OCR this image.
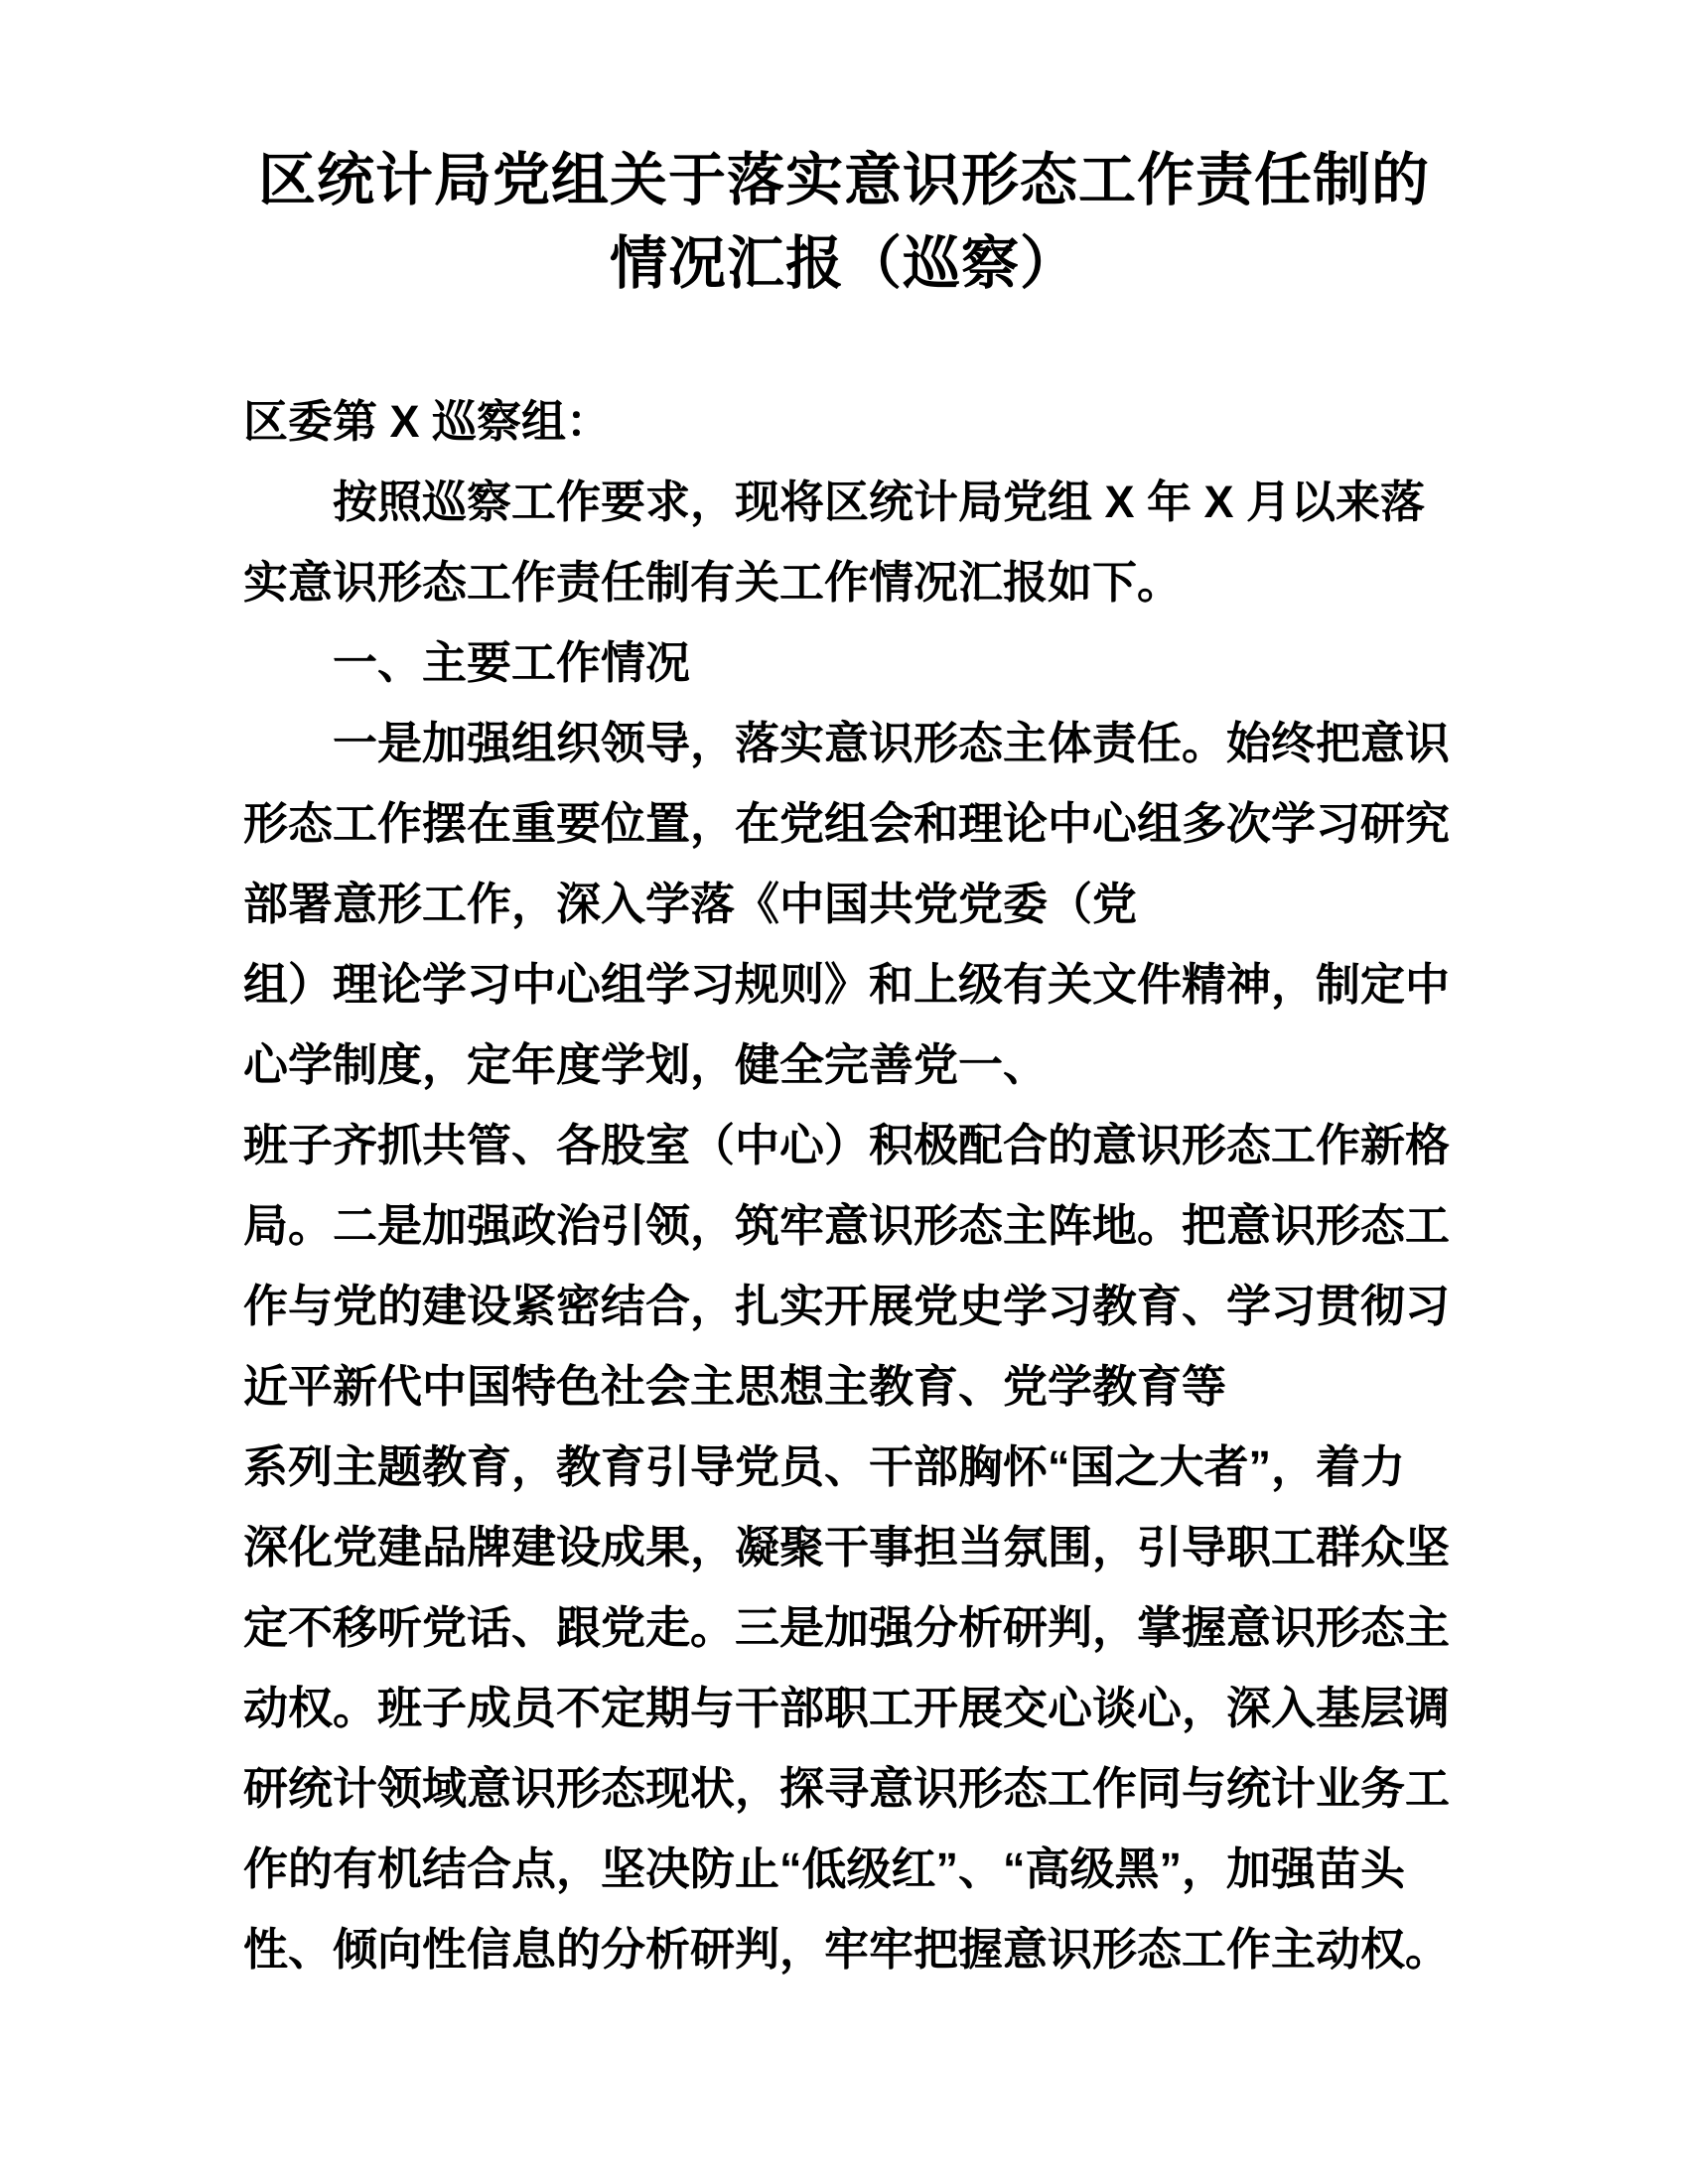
区统计局党组关于落实意识形态工作责任制的
情况汇报（巡察）
区委第 X 巡察组：
按照巡察工作要求，现将区统计局党组 X 年 X 月以来落
实意识形态工作责任制有关工作情况汇报如下。
一、主要工作情况
一是加强组织领导，落实意识形态主体责任。始终把意识
形态工作摆在重要位置，在党组会和理论中心组多次学习研究
部署意形工作，深入学落《中国共党党委（党
组）理论学习中心组学习规则》和上级有关文件精神，制定中
心学制度，定年度学划，健全完善党一、
班子齐抓共管、各股室（中心）积极配合的意识形态工作新格
局。二是加强政治引领，筑牢意识形态主阵地。把意识形态工
作与党的建设紧密结合，扎实开展党史学习教育、学习贯彻习
近平新代中国特色社会主思想主教育、党学教育等
系列主题教育，教育引导党员、干部胸怀“国之大者”，着力
深化党建品牌建设成果，凝聚干事担当氛围，引导职工群众坚
定不移听党话、跟党走。三是加强分析研判，掌握意识形态主
动权。班子成员不定期与干部职工开展交心谈心，深入基层调
研统计领域意识形态现状，探寻意识形态工作同与统计业务工
作的有机结合点，坚决防止“低级红”、“高级黑”，加强苗头
性、倾向性信息的分析研判，牢牢把握意识形态工作主动权。
